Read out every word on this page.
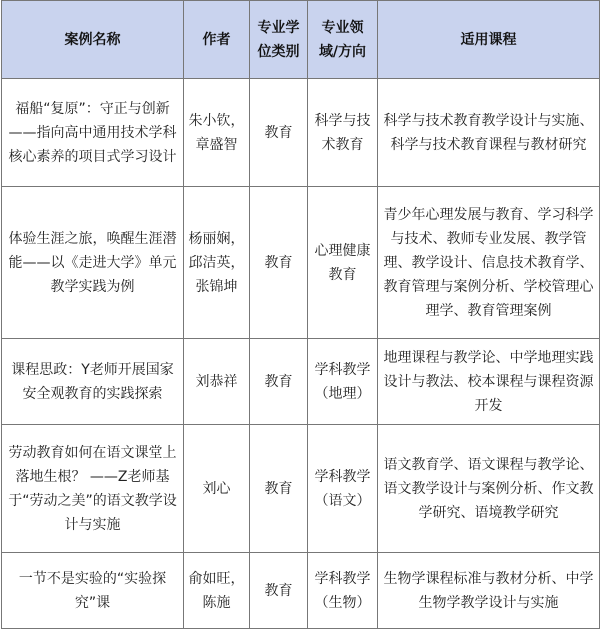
案例名称	作者	专业学位类别	专业领域/方向	适用课程
福船“复原”：守正与创新 ——指向高中通用技术学科核心素养的项目式学习设计	朱小钦，章盛智	教育	科学与技术教育	科学与技术教育教学设计与实施、科学与技术教育课程与教材研究
体验生涯之旅，唤醒生涯潜能——以《走进大学》单元教学实践为例	杨丽娴，邱洁英，张锦坤	教育	心理健康教育	青少年心理发展与教育、学习科学与技术、教师专业发展、教学管理、教学设计、信息技术教育学、教育管理与案例分析、学校管理心理学、教育管理案例
课程思政：Y老师开展国家安全观教育的实践探索	刘恭祥	教育	学科教学（地理）	地理课程与教学论、中学地理实践设计与教法、校本课程与课程资源开发
劳动教育如何在语文课堂上落地生根？ ——Z老师基于“劳动之美”的语文教学设计与实施	刘心	教育	学科教学（语文）	语文教育学、语文课程与教学论、语文教学设计与案例分析、作文教学研究、语境教学研究
一节不是实验的“实验探究”课	俞如旺，陈施	教育	学科教学（生物）	生物学课程标准与教材分析、中学生物学教学设计与实施
